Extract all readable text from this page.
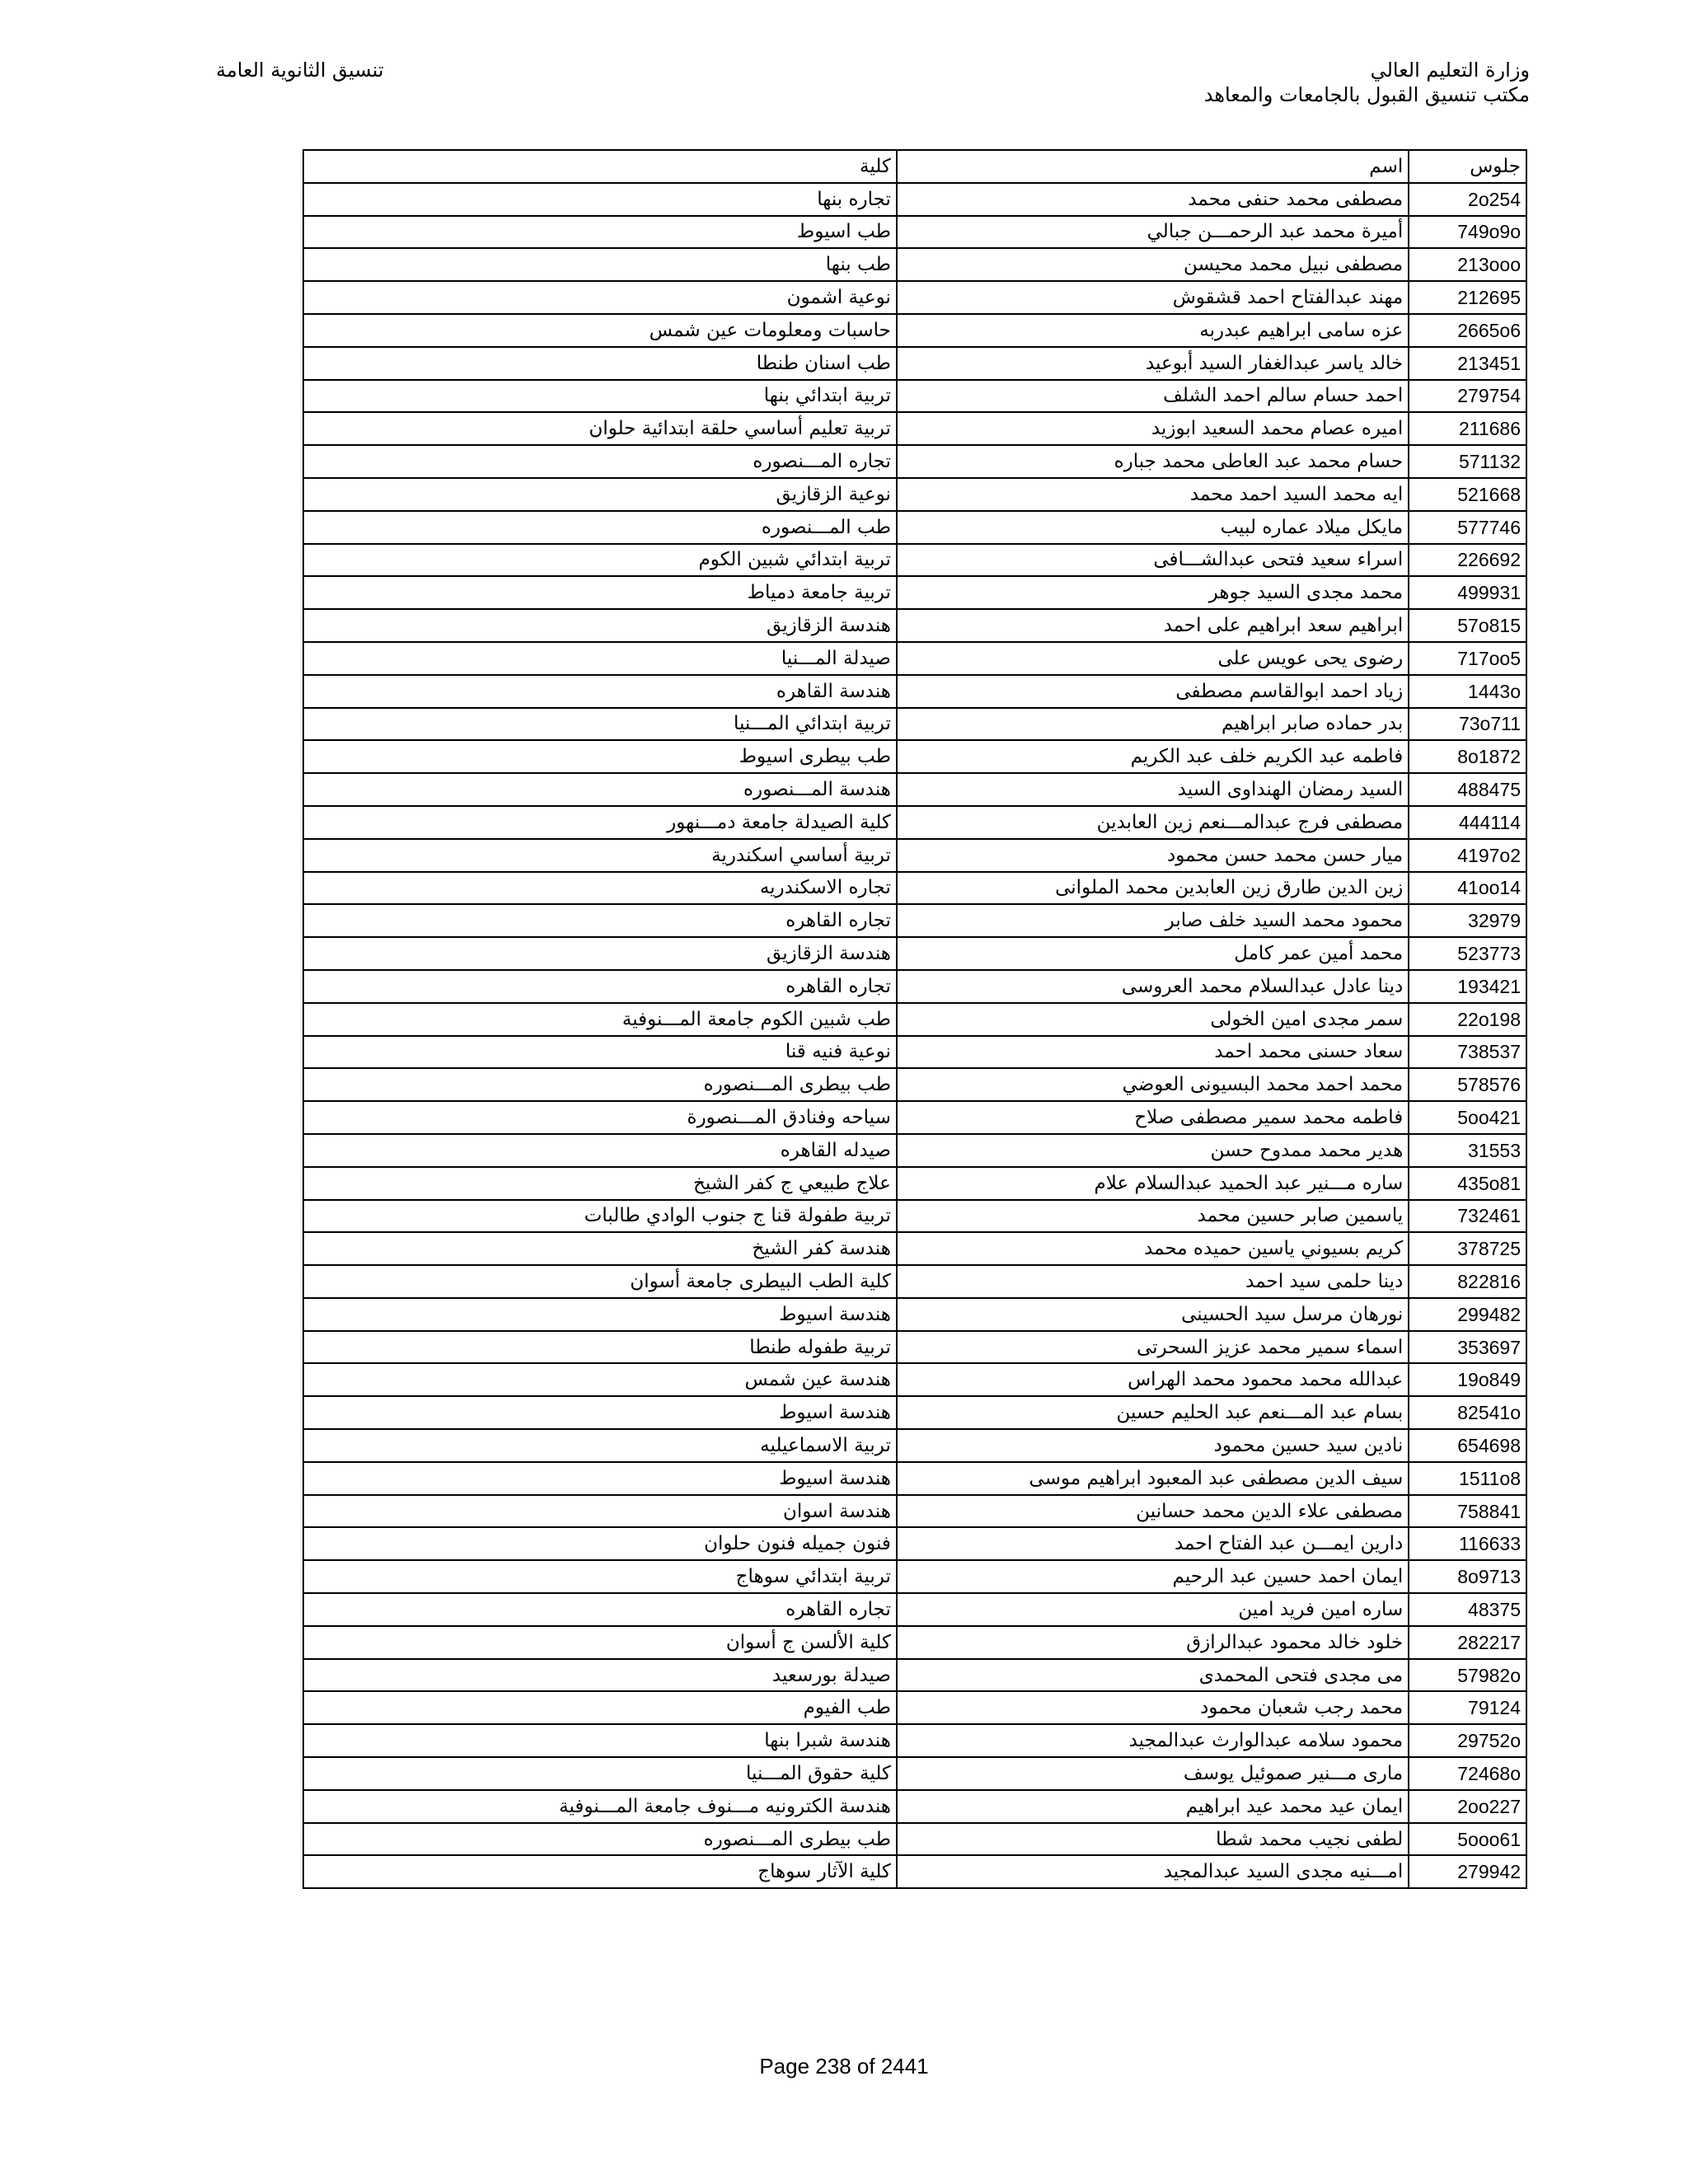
وزارة التعليم العالي
مكتب تنسيق القبول بالجامعات والمعاهد
تنسيق الثانوية العامة
جلوس	اسم	كلية
2o254	مصطفى محمد حنفى محمد	تجاره بنها
749o9o	أميرة محمد عبد الرحمـــن جبالي	طب اسيوط
213ooo	مصطفى نبيل محمد محيسن	طب بنها
212695	مهند عبدالفتاح احمد قشقوش	نوعية اشمون
2665o6	عزه سامى ابراهيم عبدربه	حاسبات ومعلومات عين شمس
213451	خالد ياسر عبدالغفار السيد أبوعيد	طب اسنان طنطا
279754	احمد حسام سالم احمد الشلف	تربية ابتدائي بنها
211686	اميره عصام محمد السعيد ابوزيد	تربية تعليم أساسي حلقة ابتدائية حلوان
571132	حسام محمد عبد العاطى محمد جباره	تجاره المـــنصوره
521668	ايه محمد السيد احمد محمد	نوعية الزقازيق
577746	مايكل ميلاد عماره لبيب	طب المـــنصوره
226692	اسراء سعيد فتحى عبدالشـــافى	تربية ابتدائي شبين الكوم
499931	محمد مجدى السيد جوهر	تربية جامعة دمياط
57o815	ابراهيم سعد ابراهيم على احمد	هندسة الزقازيق
717oo5	رضوى يحى عويس على	صيدلة المـــنيا
1443o	زياد احمد ابوالقاسم مصطفى	هندسة القاهره
73o711	بدر حماده صابر ابراهيم	تربية ابتدائي المـــنيا
8o1872	فاطمه عبد الكريم خلف عبد الكريم	طب بيطرى اسيوط
488475	السيد رمضان الهنداوى السيد	هندسة المـــنصوره
444114	مصطفى فرج عبدالمـــنعم زين العابدين	كلية الصيدلة جامعة دمـــنهور
4197o2	ميار حسن محمد حسن محمود	تربية أساسي اسكندرية
41oo14	زين الدين طارق زين العابدين محمد الملوانى	تجاره الاسكندريه
32979	محمود محمد السيد خلف صابر	تجاره القاهره
523773	محمد أمين عمر كامل	هندسة الزقازيق
193421	دينا عادل عبدالسلام محمد العروسى	تجاره القاهره
22o198	سمر مجدى امين الخولى	طب شبين الكوم جامعة المـــنوفية
738537	سعاد حسنى محمد احمد	نوعية فنيه قنا
578576	محمد احمد محمد البسيونى العوضي	طب بيطرى المـــنصوره
5oo421	فاطمه محمد سمير مصطفى صلاح	سياحه وفنادق المـــنصورة
31553	هدير محمد ممدوح حسن	صيدله القاهره
435o81	ساره مـــنير عبد الحميد عبدالسلام علام	علاج طبيعي ج كفر الشيخ
732461	ياسمين صابر حسين محمد	تربية طفولة قنا ج جنوب الوادي طالبات
378725	كريم بسيوني ياسين حميده محمد	هندسة كفر الشيخ
822816	دينا حلمى سيد احمد	كلية الطب البيطرى جامعة أسوان
299482	نورهان مرسل سيد الحسينى	هندسة اسيوط
353697	اسماء سمير محمد عزيز السحرتى	تربية طفوله طنطا
19o849	عبدالله محمد محمود محمد الهراس	هندسة عين شمس
82541o	بسام عبد المـــنعم عبد الحليم حسين	هندسة اسيوط
654698	نادين سيد حسين محمود	تربية الاسماعيليه
1511o8	سيف الدين مصطفى عبد المعبود ابراهيم موسى	هندسة اسيوط
758841	مصطفى علاء الدين محمد حسانين	هندسة اسوان
116633	دارين ايمـــن عبد الفتاح احمد	فنون جميله فنون حلوان
8o9713	ايمان احمد حسين عبد الرحيم	تربية ابتدائي سوهاج
48375	ساره امين فريد امين	تجاره القاهره
282217	خلود خالد محمود عبدالرازق	كلية الألسن ج أسوان
57982o	مى مجدى فتحى المحمدى	صيدلة بورسعيد
79124	محمد رجب شعبان محمود	طب الفيوم
29752o	محمود سلامه عبدالوارث عبدالمجيد	هندسة شبرا بنها
72468o	مارى مـــنير صموئيل يوسف	كلية حقوق المـــنيا
2oo227	ايمان عيد محمد عيد ابراهيم	هندسة الكترونيه مـــنوف جامعة المـــنوفية
5ooo61	لطفى نجيب محمد شطا	طب بيطرى المـــنصوره
279942	امـــنيه مجدى السيد عبدالمجيد	كلية الآثار سوهاج
Page 238 of 2441
